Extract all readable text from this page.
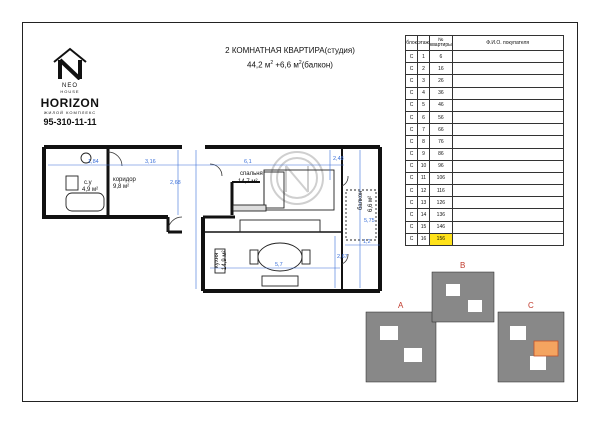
NEO
HOUSE
HORIZON
ЖИЛОЙ КОМПЛЕКС
95-310-11-11
2 КОМНАТНАЯ КВАРТИРА(студия)
44,2 $м^2 +6,6$ $м^2(балкон)$
блок	этаж	№ квартиры	Ф.И.О. покупателя
C	1	6	
C	2	16	
C	3	26	
C	4	36	
C	5	46	
C	6	56	
C	7	66	
C	8	76	
C	9	86	
C	10	96	
C	11	106	
C	12	116	
C	13	126	
C	14	136	
C	15	146	
C	16	156	
1,84	3,16	6,1	2,48
2,68
5,75
1,2
5,7
2,67
с.у
4,9 м²
коридор
9,8 м²
спальня
14,7 м²
кухня 14,9 м²
балкон 6,6 м²
A
B
C
